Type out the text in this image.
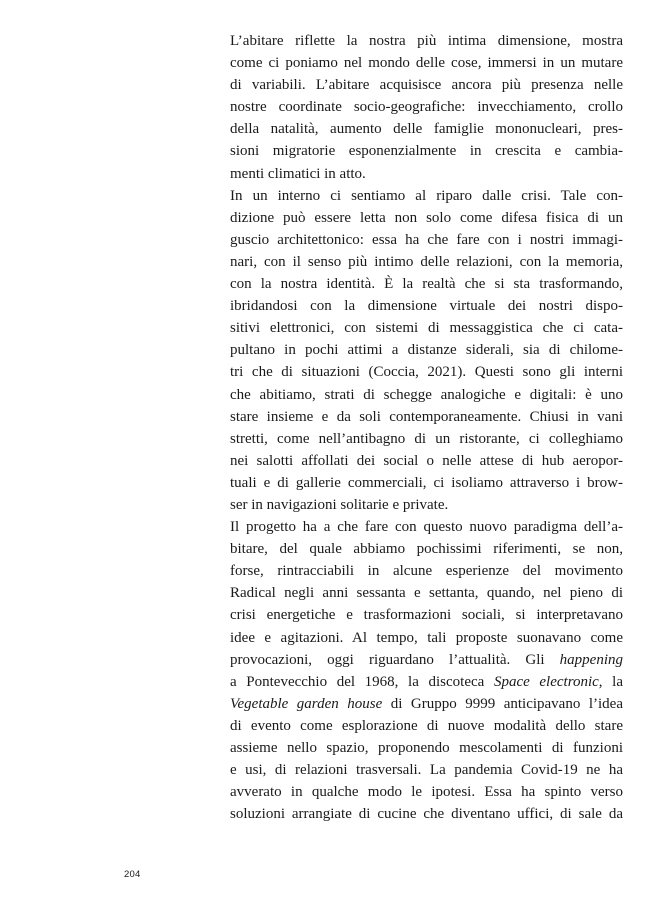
L’abitare riflette la nostra più intima dimensione, mostra
come ci poniamo nel mondo delle cose, immersi in un mutare
di variabili. L’abitare acquisisce ancora più presenza nelle
nostre coordinate socio-geografiche: invecchiamento, crollo
della natalità, aumento delle famiglie mononucleari, pres-
sioni migratorie esponenzialmente in crescita e cambia-
menti climatici in atto.
In un interno ci sentiamo al riparo dalle crisi. Tale con-
dizione può essere letta non solo come difesa fisica di un
guscio architettonico: essa ha che fare con i nostri immagi-
nari, con il senso più intimo delle relazioni, con la memoria,
con la nostra identità. È la realtà che si sta trasformando,
ibridandosi con la dimensione virtuale dei nostri dispo-
sitivi elettronici, con sistemi di messaggistica che ci cata-
pultano in pochi attimi a distanze siderali, sia di chilome-
tri che di situazioni (Coccia, 2021). Questi sono gli interni
che abitiamo, strati di schegge analogiche e digitali: è uno
stare insieme e da soli contemporaneamente. Chiusi in vani
stretti, come nell’antibagno di un ristorante, ci colleghiamo
nei salotti affollati dei social o nelle attese di hub aeropor-
tuali e di gallerie commerciali, ci isoliamo attraverso i brow-
ser in navigazioni solitarie e private.
Il progetto ha a che fare con questo nuovo paradigma dell’a-
bitare, del quale abbiamo pochissimi riferimenti, se non,
forse, rintracciabili in alcune esperienze del movimento
Radical negli anni sessanta e settanta, quando, nel pieno di
crisi energetiche e trasformazioni sociali, si interpretavano
idee e agitazioni. Al tempo, tali proposte suonavano come
provocazioni, oggi riguardano l’attualità. Gli happening
a Pontevecchio del 1968, la discoteca Space electronic, la
Vegetable garden house di Gruppo 9999 anticipavano l’idea
di evento come esplorazione di nuove modalità dello stare
assieme nello spazio, proponendo mescolamenti di funzioni
e usi, di relazioni trasversali. La pandemia Covid-19 ne ha
avverato in qualche modo le ipotesi. Essa ha spinto verso
soluzioni arrangiate di cucine che diventano uffici, di sale da
204
